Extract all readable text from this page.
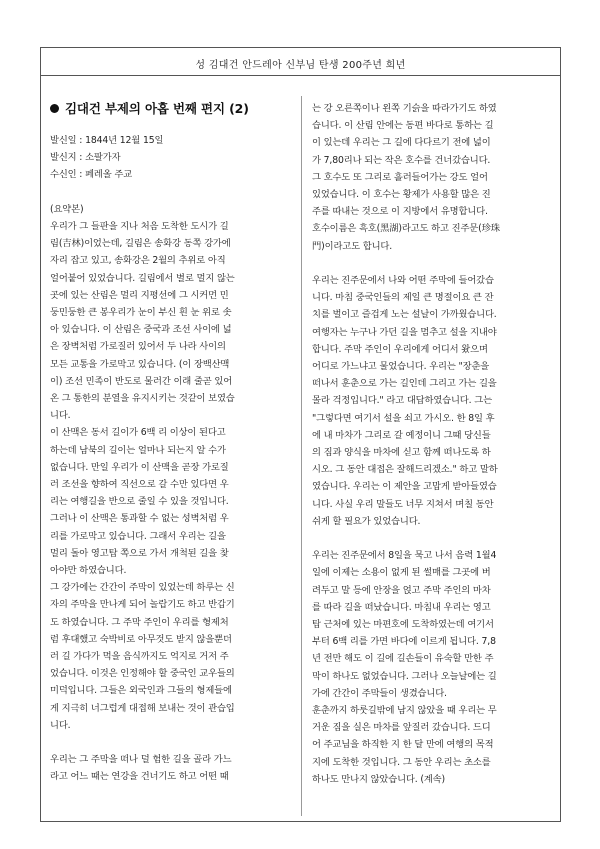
성 김대건 안드레아 신부님 탄생 200주년 희년
김대건 부제의 아홉 번째 편지 (2)

발신일 : 1844년 12월 15일

발신지 : 소팔가자

수신인 : 페레올 주교

(요약본)

우리가 그 들판을 지나 처음 도착한 도시가 길

림(吉林)이었는데, 길림은 송화강 동쪽 강가에

자리 잡고 있고, 송화강은 2월의 추위로 아직

얼어붙어 있었습니다. 길림에서 별로 멀지 않는

곳에 있는 산림은 멀리 지평선에 그 시커먼 민

둥민둥한 큰 봉우리가 눈이 부신 흰 눈 위로 솟

아 있습니다. 이 산림은 중국과 조선 사이에 넓

은 장벽처럼 가로질러 있어서 두 나라 사이의

모든 교통을 가로막고 있습니다. (이 장백산맥

이) 조선 민족이 반도로 물러간 이래 줄곧 있어

온 그 통한의 분열을 유지시키는 것같이 보였습

니다.

이 산맥은 동서 길이가 6백 리 이상이 된다고

하는데 남북의 길이는 얼마나 되는지 알 수가

없습니다. 만일 우리가 이 산맥을 곧장 가로질

러 조선을 향하여 직선으로 갈 수만 있다면 우

리는 여행길을 반으로 줄일 수 있을 것입니다.

그러나 이 산맥은 통과할 수 없는 성벽처럼 우

리를 가로막고 있습니다. 그래서 우리는 길을

멀리 돌아 영고탑 쪽으로 가서 개척된 길을 찾

아야만 하였습니다.

그 강가에는 간간이 주막이 있었는데 하루는 신

자의 주막을 만나게 되어 놀랍기도 하고 반갑기

도 하였습니다. 그 주막 주인이 우리를 형제처

럼 후대했고 숙박비로 아무것도 받지 않을뿐더

러 길 가다가 먹을 음식까지도 억지로 거저 주

었습니다. 이것은 인정해야 할 중국인 교우들의

미덕입니다. 그들은 외국인과 그들의 형제들에

게 지극히 너그럽게 대접해 보내는 것이 관습입

니다.

우리는 그 주막을 떠나 덜 험한 길을 골라 가느

라고 어느 때는 연강을 건너기도 하고 어떤 때

는 강 오른쪽이나 왼쪽 기슭을 따라가기도 하였

습니다. 이 산림 안에는 동편 바다로 통하는 길

이 있는데 우리는 그 길에 다다르기 전에 넓이

가 7,80리나 되는 작은 호수를 건너갔습니다.

그 호수도 또 그리로 흘러들어가는 강도 얼어

있었습니다. 이 호수는 황제가 사용할 많은 진

주를 따내는 것으로 이 지방에서 유명합니다.

호수이름은 흑호(黑湖)라고도 하고 진주문(珍珠

門)이라고도 합니다.

우리는 진주문에서 나와 어떤 주막에 들어갔습

니다. 마침 중국인들의 제일 큰 명절이요 큰 잔

치를 벌이고 즐겁게 노는 설날이 가까웠습니다.

여행자는 누구나 가던 길을 멈추고 설을 지내야

합니다. 주막 주인이 우리에게 어디서 왔으며

어디로 가느냐고 물었습니다. 우리는 "장춘을

떠나서 훈춘으로 가는 길인데 그리고 가는 길을

몰라 걱정입니다." 라고 대답하였습니다. 그는

"그렇다면 여기서 설을 쇠고 가시오. 한 8일 후

에 내 마차가 그리로 갈 예정이니 그때 당신들

의 짐과 양식을 마차에 싣고 함께 떠나도록 하

시오. 그 동안 대접은 잘해드리겠소." 하고 말하

였습니다. 우리는 이 제안을 고맙게 받아들였습

니다. 사실 우리 말들도 너무 지쳐서 며칠 동안

쉬게 할 필요가 있었습니다.

우리는 진주문에서 8일을 묵고 나서 음력 1월4

일에 이제는 소용이 없게 된 썰매를 그곳에 버

려두고 말 등에 안장을 얹고 주막 주인의 마차

를 따라 길을 떠났습니다. 마침내 우리는 영고

탑 근처에 있는 마편호에 도착하였는데 여기서

부터 6백 리를 가면 바다에 이르게 됩니다. 7,8

년 전만 해도 이 길에 길손들이 유숙할 만한 주

막이 하나도 없었습니다. 그러나 오늘날에는 길

가에 간간이 주막들이 생겼습니다.

훈춘까지 하룻길밖에 남지 않았을 때 우리는 무

거운 짐을 실은 마차를 앞질러 갔습니다. 드디

어 주교님을 하직한 지 한 달 만에 여행의 목적

지에 도착한 것입니다. 그 동안 우리는 초소를

하나도 만나지 않았습니다. (계속)
